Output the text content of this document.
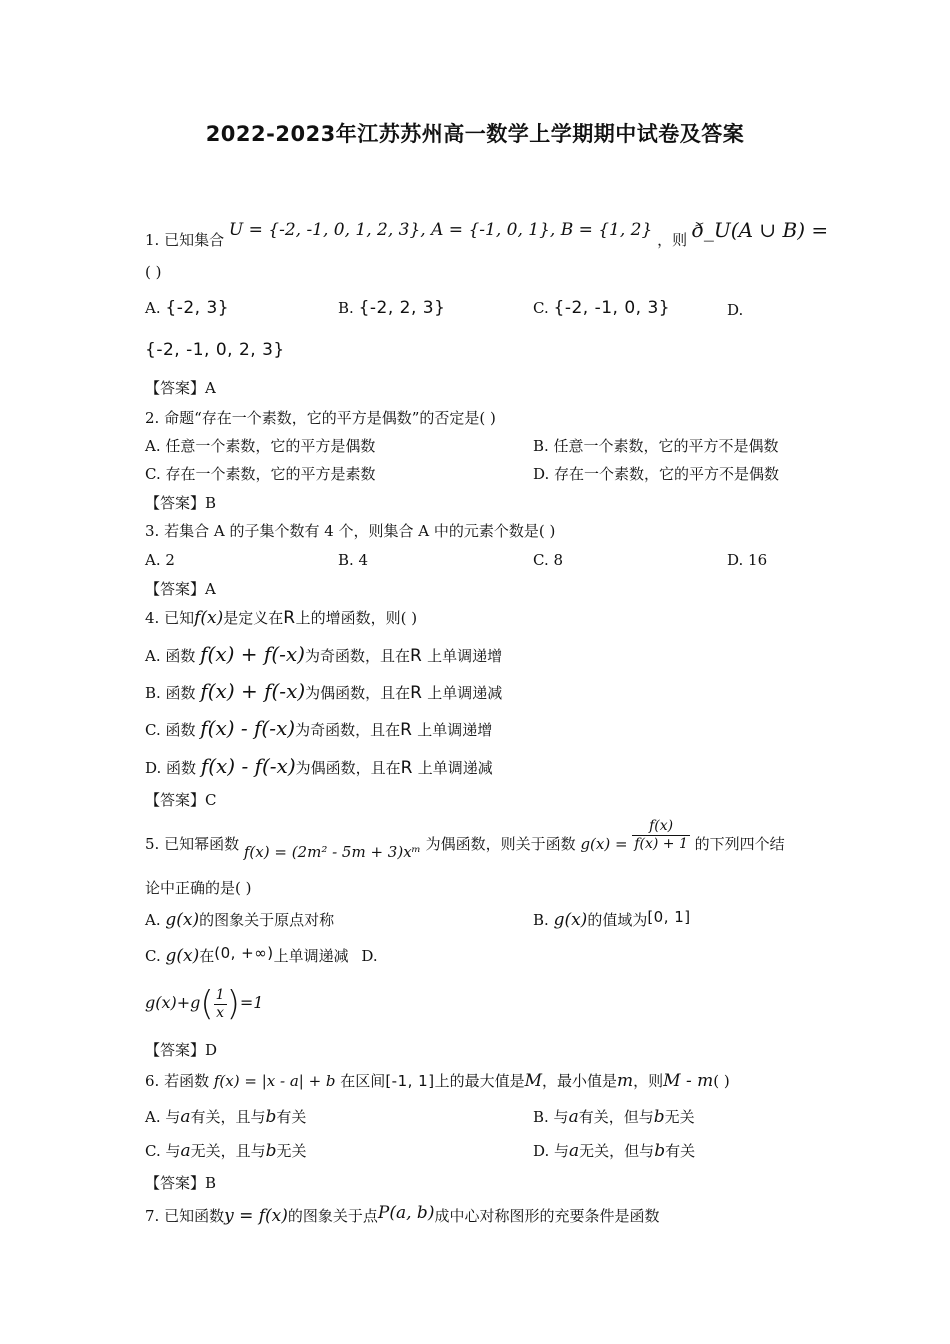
2022-2023年江苏苏州高一数学上学期期中试卷及答案
1. 已知集合 U = {-2, -1, 0, 1, 2, 3}, A = {-1, 0, 1}, B = {1, 2} ，则 ð_U(A ∪ B) =
( )
A. {-2, 3}	B. {-2, 2, 3}	C. {-2, -1, 0, 3}	D.
{-2, -1, 0, 2, 3}
【答案】A
2. 命题“存在一个素数，它的平方是偶数”的否定是( )
A. 任意一个素数，它的平方是偶数	B. 任意一个素数，它的平方不是偶数
C. 存在一个素数，它的平方是素数	D. 存在一个素数，它的平方不是偶数
【答案】B
3. 若集合 A 的子集个数有 4 个，则集合 A 中的元素个数是( )
A. 2	B. 4	C. 8	D. 16
【答案】A
4. 已知f(x)是定义在R上的增函数，则( )
A. 函数 f(x) + f(-x)为奇函数，且在R 上单调递增
B. 函数 f(x) + f(-x)为偶函数，且在R 上单调递减
C. 函数 f(x) - f(-x)为奇函数，且在R 上单调递增
D. 函数 f(x) - f(-x)为偶函数，且在R 上单调递减
【答案】C
5. 已知幂函数 f(x) = (2m² - 5m + 3)xᵐ 为偶函数，则关于函数 $g(x) = \frac{f(x)}{f(x) + 1}$ 的下列四个结
论中正确的是( )
A. g(x)的图象关于原点对称	B. g(x)的值域为[0, 1]
C. g(x)在(0, +∞)上单调递减 D.
$g(x)+g( \frac{1}{x} )=1$
【答案】D
6. 若函数 f(x) = |x - a| + b 在区间[-1, 1]上的最大值是M，最小值是m，则M - m( )
A. 与a有关，且与b有关	B. 与a有关，但与b无关
C. 与a无关，且与b无关	D. 与a无关，但与b有关
【答案】B
7. 已知函数y = f(x)的图象关于点P(a, b)成中心对称图形的充要条件是函数
